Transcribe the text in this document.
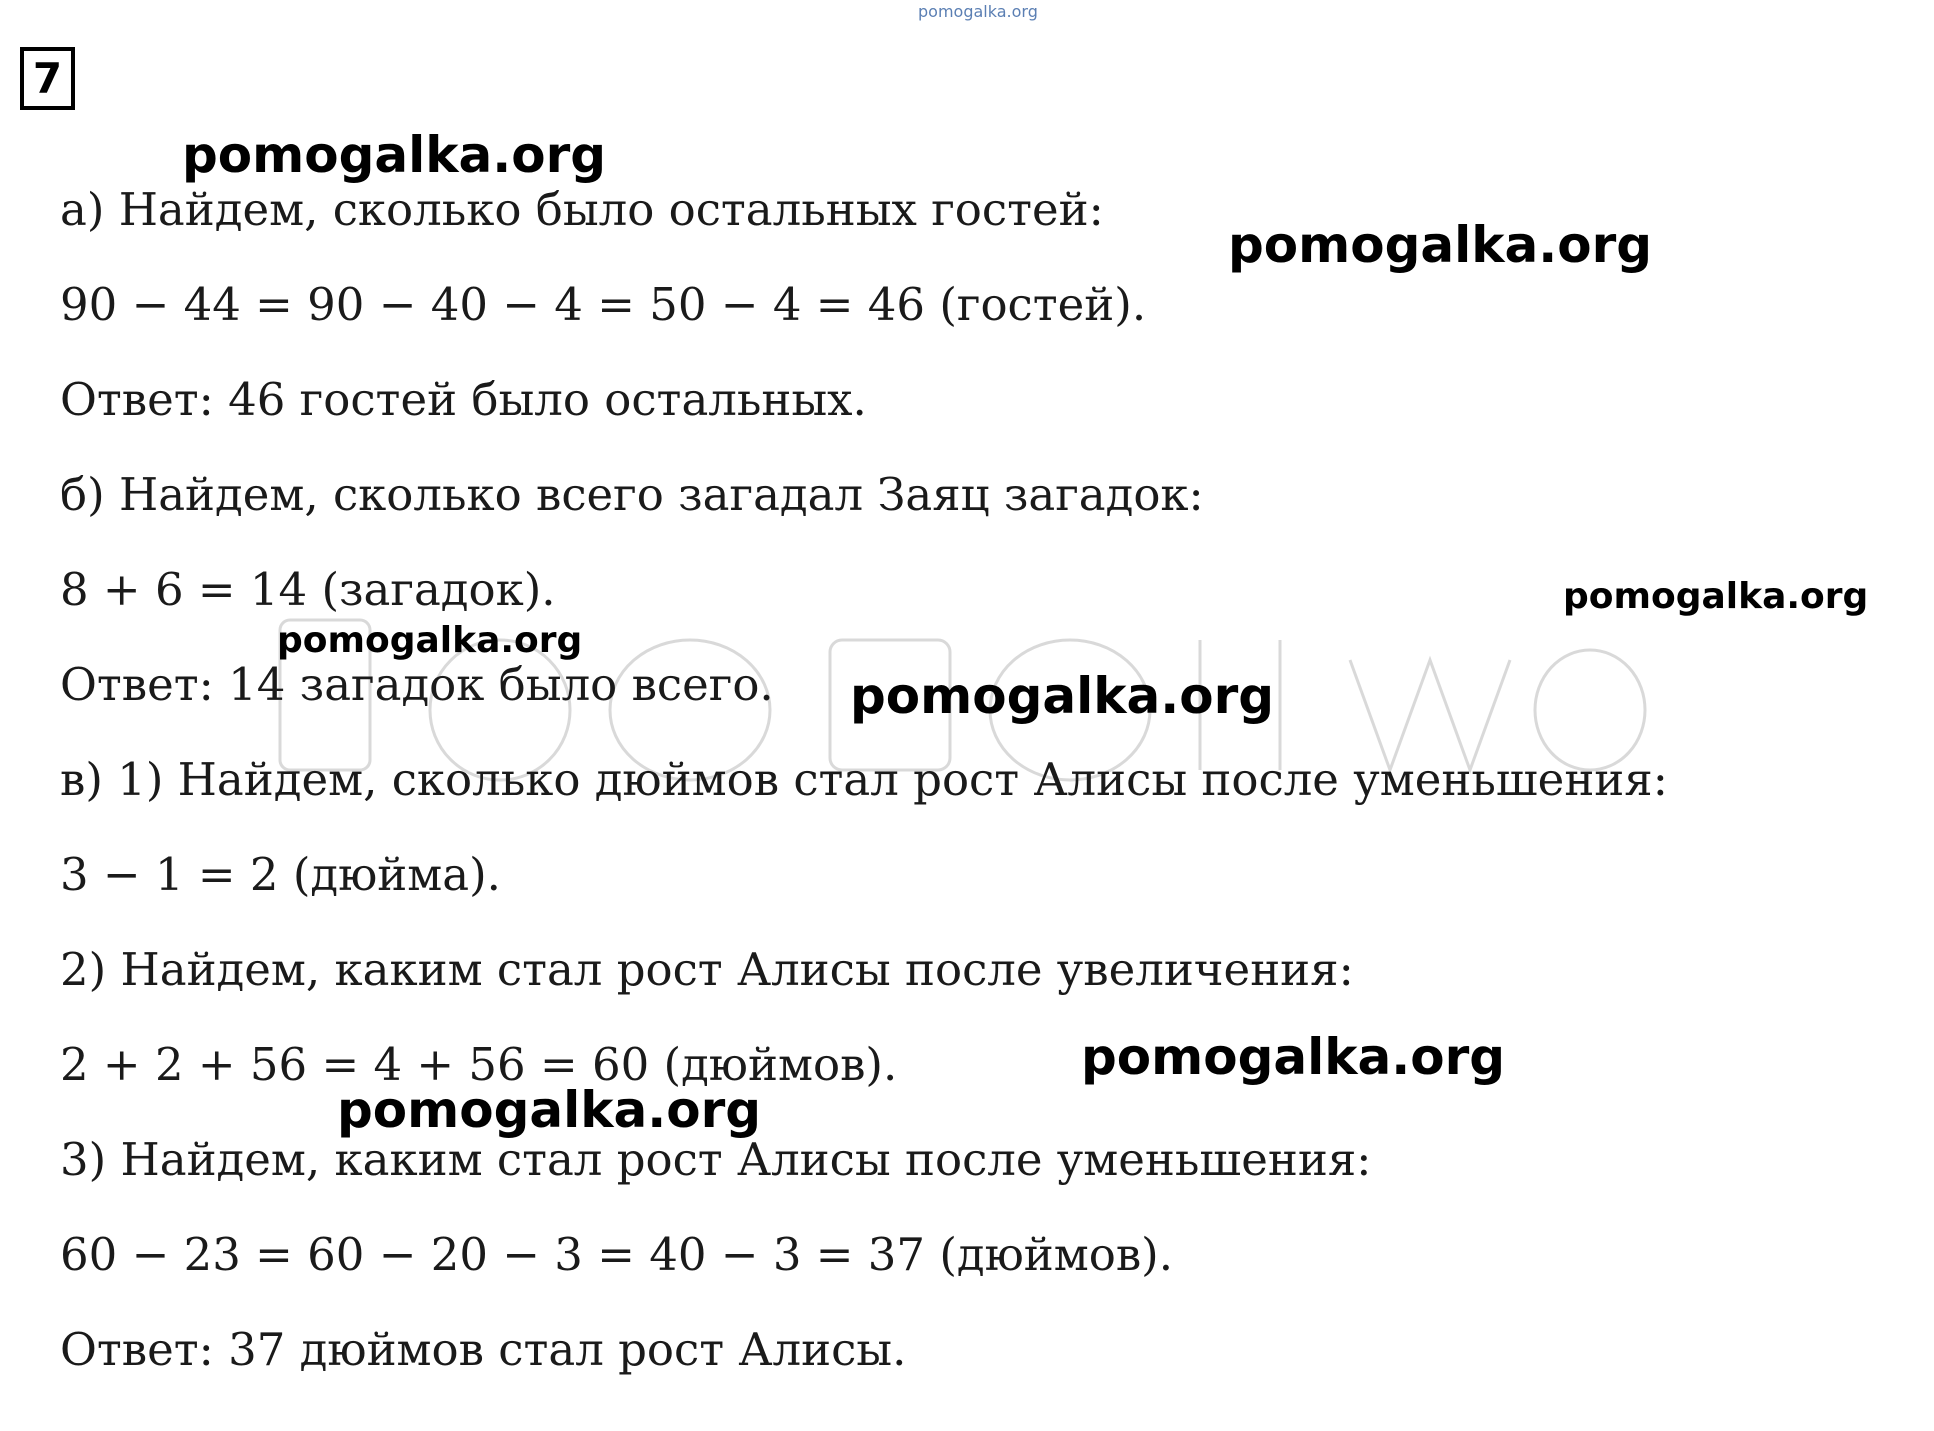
pomogalka.org
7
а) Найдем, сколько было остальных гостей:
90 − 44 = 90 − 40 − 4 = 50 − 4 = 46 (гостей).
Ответ: 46 гостей было остальных.
б) Найдем, сколько всего загадал Заяц загадок:
8 + 6 = 14 (загадок).
Ответ: 14 загадок было всего.
в) 1) Найдем, сколько дюймов стал рост Алисы после уменьшения:
3 − 1 = 2 (дюйма).
2) Найдем, каким стал рост Алисы после увеличения:
2 + 2 + 56 = 4 + 56 = 60 (дюймов).
3) Найдем, каким стал рост Алисы после уменьшения:
60 − 23 = 60 − 20 − 3 = 40 − 3 = 37 (дюймов).
Ответ: 37 дюймов стал рост Алисы.
pomogalka.org
pomogalka.org
pomogalka.org
pomogalka.org
pomogalka.org
pomogalka.org
pomogalka.org
